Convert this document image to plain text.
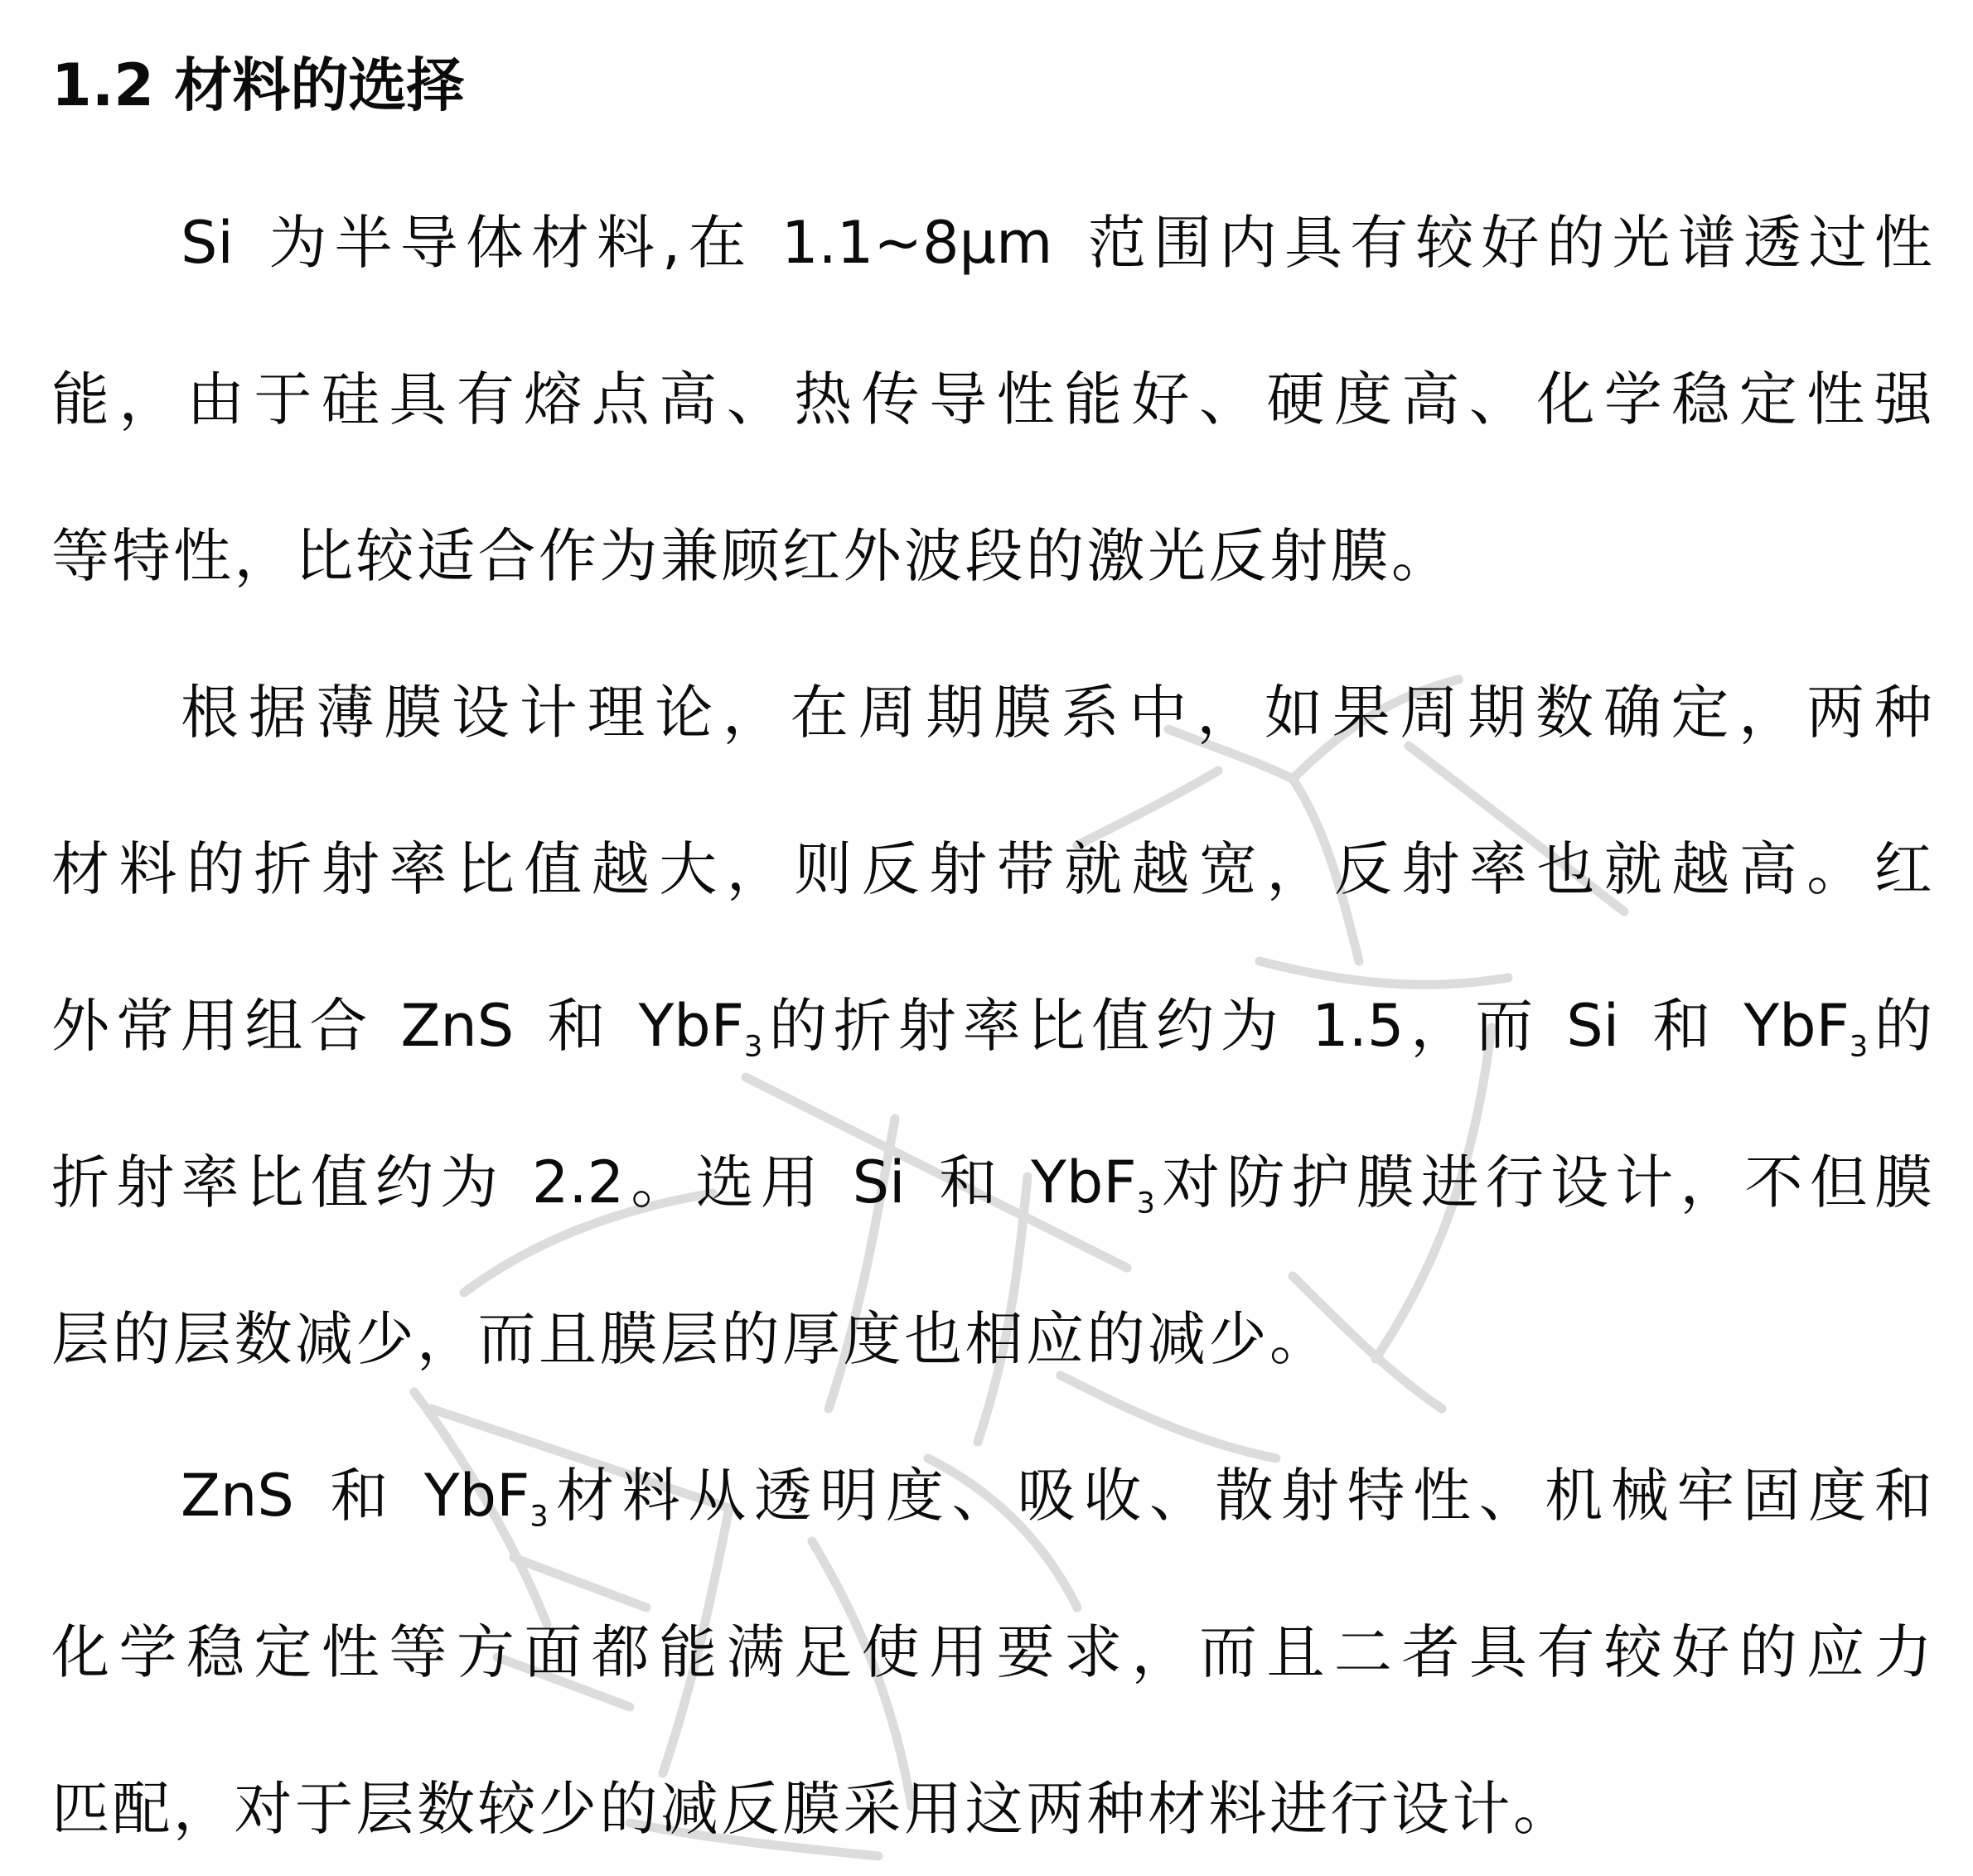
1.2 材料的选择
Si 为 半 导 体 材 料 , 在 1.1~8μm 范 围 内 具 有 较 好 的 光 谱 透 过 性
能 ， 由 于 硅 具 有 熔 点 高 、 热 传 导 性 能 好 、 硬 度 高 、 化 学 稳 定 性 强
等 特 性 ， 比 较 适 合 作 为 兼 顾 红 外 波 段 的 激 光 反 射 膜 。
根 据 薄 膜 设 计 理 论 ， 在 周 期 膜 系 中 ， 如 果 周 期 数 确 定 ， 两 种
材 料 的 折 射 率 比 值 越 大 ， 则 反 射 带 就 越 宽 ， 反 射 率 也 就 越 高 。 红
外 常 用 组 合 ZnS 和 YbF$_3$ 的 折 射 率 比 值 约 为 1.5 ， 而 Si 和 YbF$_3$ 的
折 射 率 比 值 约 为 2.2 。 选 用 Si 和 YbF$_3$ 对 防 护 膜 进 行 设 计 ， 不 但 膜
层 的 层 数 减 少 ， 而 且 膜 层 的 厚 度 也 相 应 的 减 少 。
ZnS 和 YbF$_3$ 材 料 从 透 明 度 、 吸 收 、 散 射 特 性 、 机 械 牢 固 度 和
化 学 稳 定 性 等 方 面 都 能 满 足 使 用 要 求 ， 而 且 二 者 具 有 较 好 的 应 力
匹 配 ， 对 于 层 数 较 少 的 减 反 膜 采 用 这 两 种 材 料 进 行 设 计 。
